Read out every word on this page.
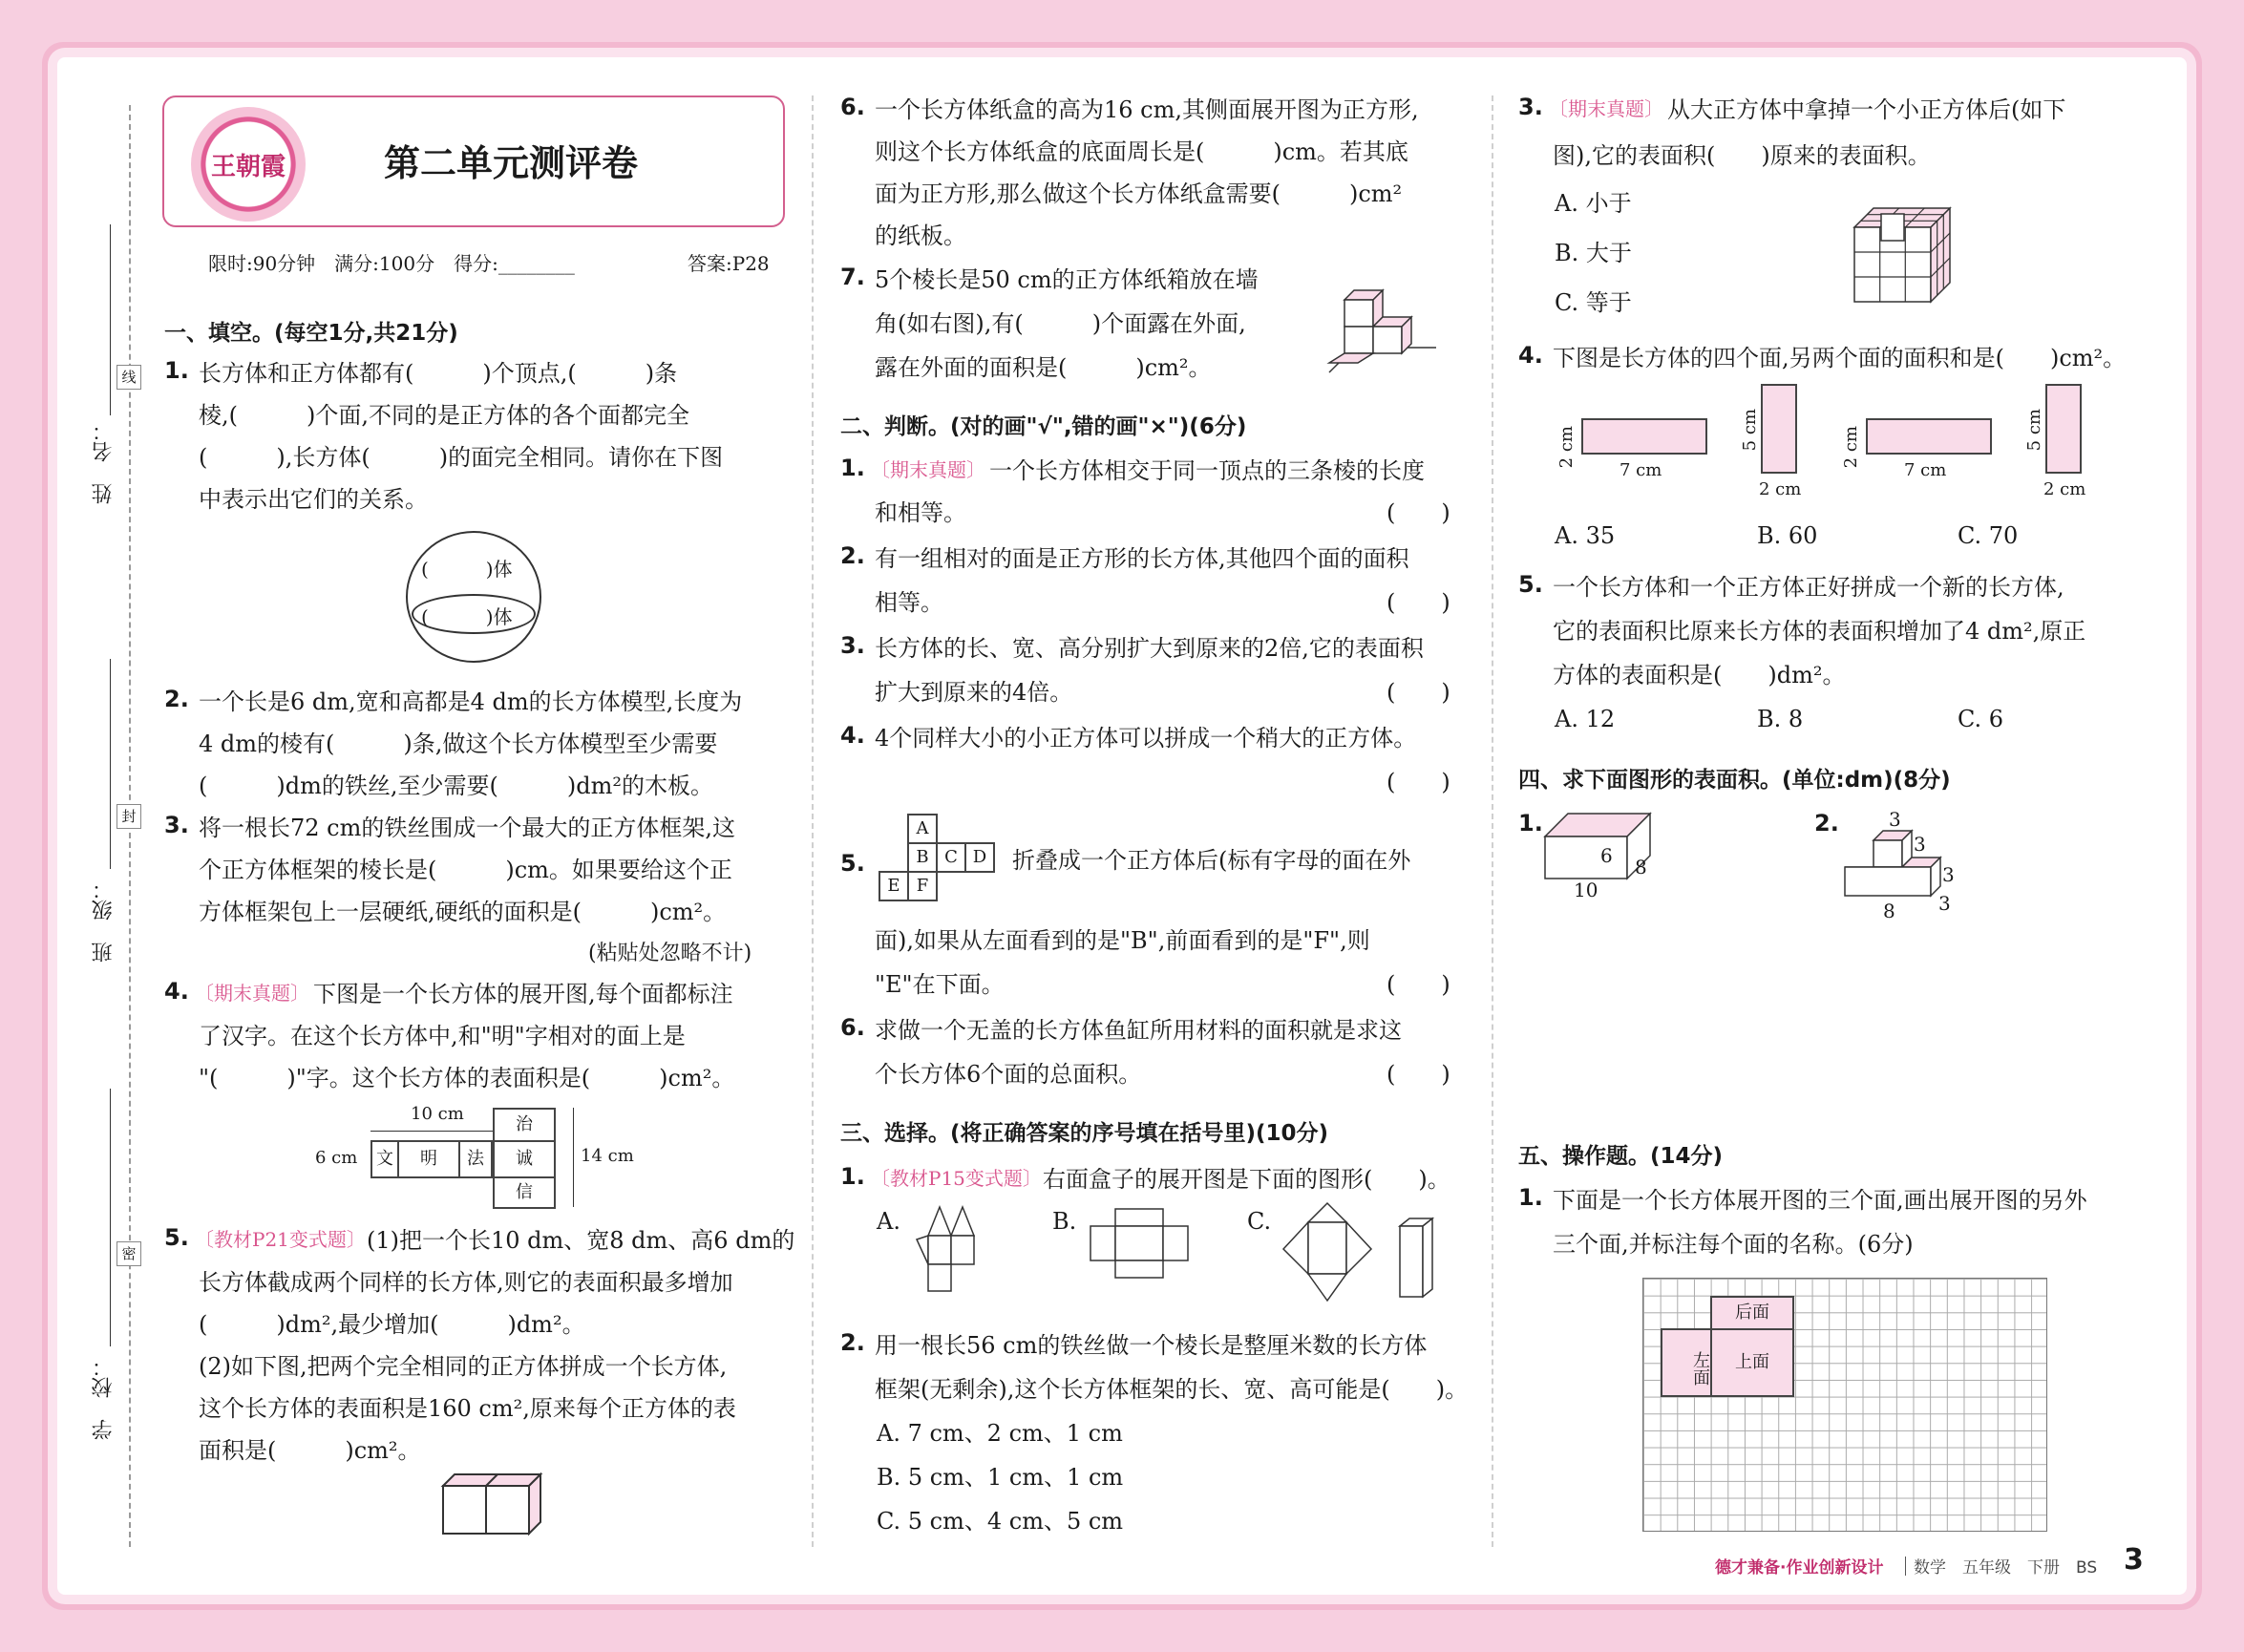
姓　名：
班　级：
学　校：
线
封
密
王朝霞	第二单元测评卷
限时:90分钟　满分:100分　得分:________	答案:P28
一、填空。(每空1分,共21分)
1. 长方体和正方体都有(　　　)个顶点,(　　　)条
棱,(　　　)个面,不同的是正方体的各个面都完全
(　　　),长方体(　　　)的面完全相同。请你在下图
中表示出它们的关系。
(　　　)体
(　　　)体
2. 一个长是6 dm,宽和高都是4 dm的长方体模型,长度为
4 dm的棱有(　　　)条,做这个长方体模型至少需要
(　　　)dm的铁丝,至少需要(　　　)dm²的木板。
3. 将一根长72 cm的铁丝围成一个最大的正方体框架,这
个正方体框架的棱长是(　　　)cm。如果要给这个正
方体框架包上一层硬纸,硬纸的面积是(　　　)cm²。
(粘贴处忽略不计)
4. 〔期末真题〕 下图是一个长方体的展开图,每个面都标注
了汉字。在这个长方体中,和"明"字相对的面上是
"(　　　)"字。这个长方体的表面积是(　　　)cm²。
10 cm
6 cm	14 cm
文	明	法
治
诚
信
5. 〔教材P21变式题〕 (1)把一个长10 dm、宽8 dm、高6 dm的
长方体截成两个同样的长方体,则它的表面积最多增加
(　　　)dm²,最少增加(　　　)dm²。
(2)如下图,把两个完全相同的正方体拼成一个长方体,
这个长方体的表面积是160 cm²,原来每个正方体的表
面积是(　　　)cm²。
6. 一个长方体纸盒的高为16 cm,其侧面展开图为正方形,
则这个长方体纸盒的底面周长是(　　　)cm。若其底
面为正方形,那么做这个长方体纸盒需要(　　　)cm²
的纸板。
7. 5个棱长是50 cm的正方体纸箱放在墙
角(如右图),有(　　　)个面露在外面,
露在外面的面积是(　　　)cm²。
二、判断。(对的画"√",错的画"×")(6分)
1. 〔期末真题〕 一个长方体相交于同一顶点的三条棱的长度
和相等。	(　　)
2. 有一组相对的面是正方形的长方体,其他四个面的面积
相等。	(　　)
3. 长方体的长、宽、高分别扩大到原来的2倍,它的表面积
扩大到原来的4倍。	(　　)
4. 4个同样大小的小正方体可以拼成一个稍大的正方体。
(　　)
5.
A
B C D
E F
折叠成一个正方体后(标有字母的面在外
面),如果从左面看到的是"B",前面看到的是"F",则
"E"在下面。	(　　)
6. 求做一个无盖的长方体鱼缸所用材料的面积就是求这
个长方体6个面的总面积。	(　　)
三、选择。(将正确答案的序号填在括号里)(10分)
1. 〔教材P15变式题〕 右面盒子的展开图是下面的图形(　　)。
A.	B.	C.
2. 用一根长56 cm的铁丝做一个棱长是整厘米数的长方体
框架(无剩余),这个长方体框架的长、宽、高可能是(　　)。
A. 7 cm、2 cm、1 cm
B. 5 cm、1 cm、1 cm
C. 5 cm、4 cm、5 cm
3. 〔期末真题〕 从大正方体中拿掉一个小正方体后(如下
图),它的表面积(　　)原来的表面积。
A. 小于
B. 大于
C. 等于
4. 下图是长方体的四个面,另两个面的面积和是(　　)cm²。
2 cm
7 cm
5 cm
2 cm
2 cm
7 cm
5 cm
2 cm
A. 35	B. 60	C. 70
5. 一个长方体和一个正方体正好拼成一个新的长方体,
它的表面积比原来长方体的表面积增加了4 dm²,原正
方体的表面积是(　　)dm²。
A. 12	B. 8	C. 6
四、求下面图形的表面积。(单位:dm)(8分)
1.	2.
6 8
10
3
3
3
8 3
五、操作题。(14分)
1. 下面是一个长方体展开图的三个面,画出展开图的另外
三个面,并标注每个面的名称。(6分)
后面
左面	上面
德才兼备·作业创新设计 数学　五年级　下册　BS 3
